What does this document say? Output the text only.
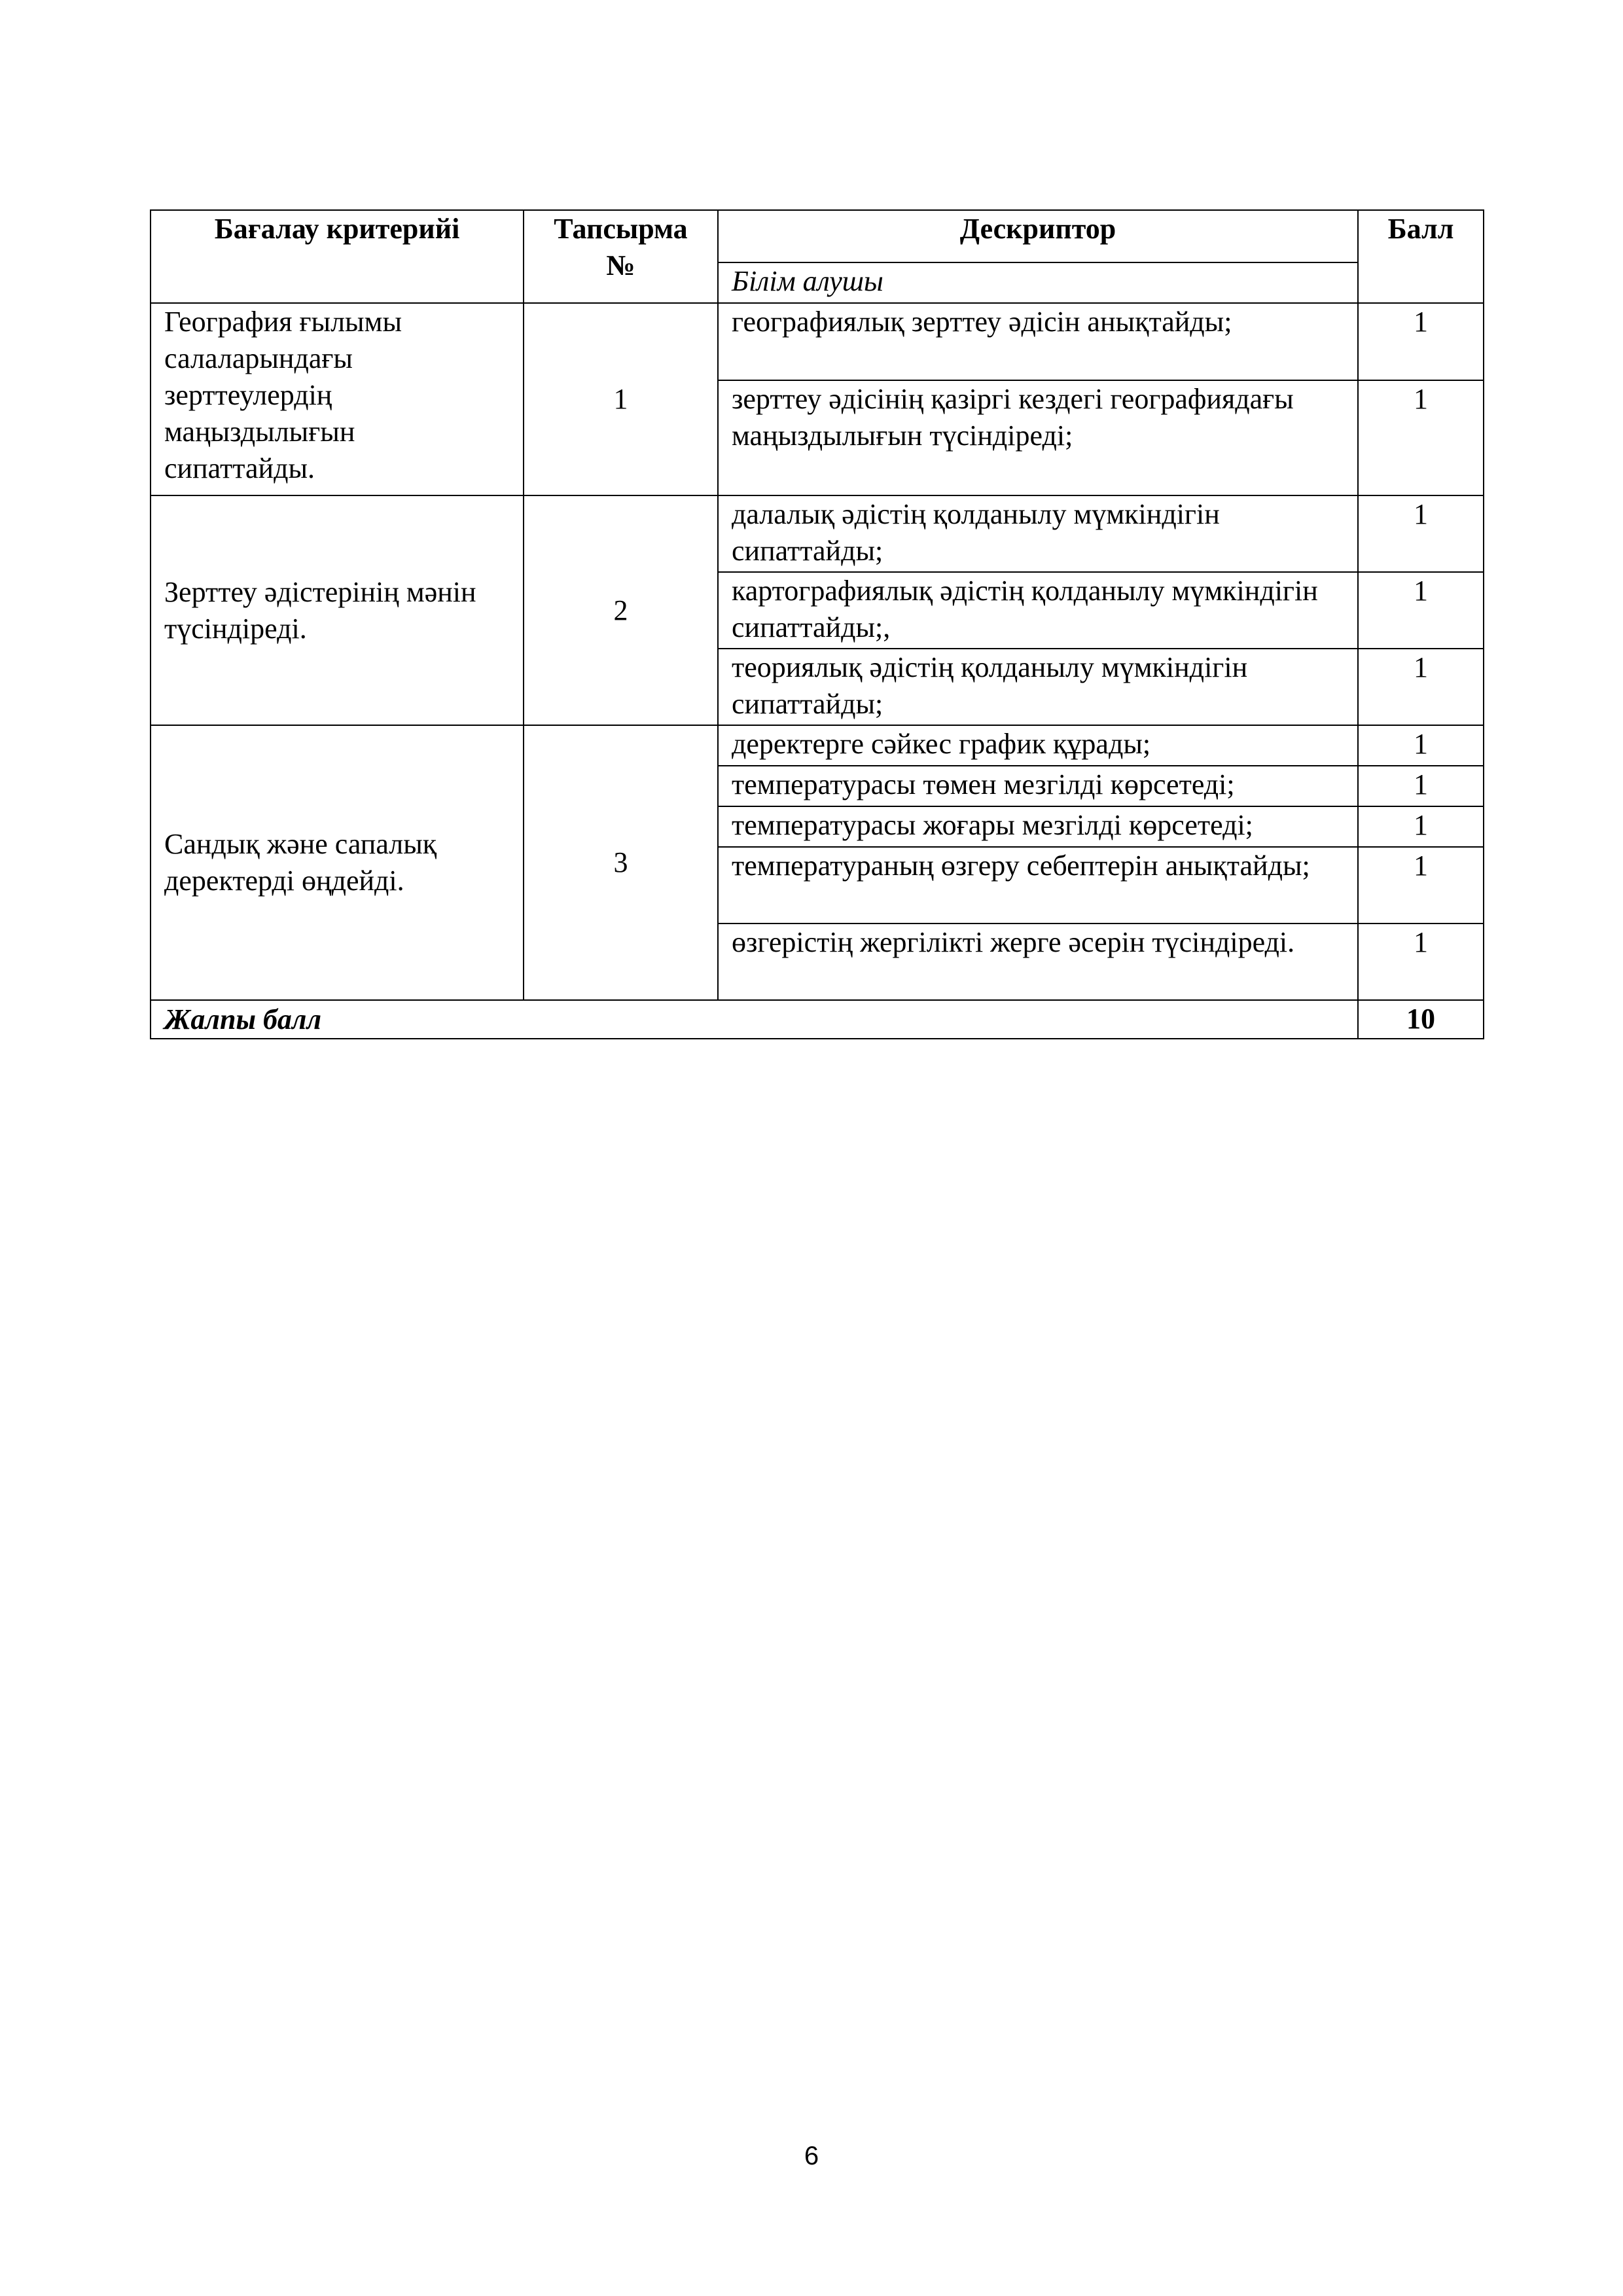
Бағалау критерийі	Тапсырма №	Дескриптор	Балл
		Білім алушы	
География ғылымы салаларындағы зерттеулердің маңыздылығын сипаттайды.	1	географиялық зерттеу әдісін анықтайды;	1
		зерттеу әдісінің қазіргі кездегі географиядағы маңыздылығын түсіндіреді;	1
Зерттеу әдістерінің мәнін түсіндіреді.	2	далалық әдістің қолданылу мүмкіндігін сипаттайды;	1
		картографиялық әдістің қолданылу мүмкіндігін сипаттайды;,	1
		теориялық әдістің қолданылу мүмкіндігін сипаттайды;	1
Сандық және сапалық деректерді өңдейді.	3	деректерге сәйкес график құрады;	1
		температурасы төмен мезгілді көрсетеді;	1
		температурасы жоғары мезгілді көрсетеді;	1
		температураның өзгеру себептерін анықтайды;	1
		өзгерістің жергілікті жерге әсерін түсіндіреді.	1
Жалпы балл			10
6
